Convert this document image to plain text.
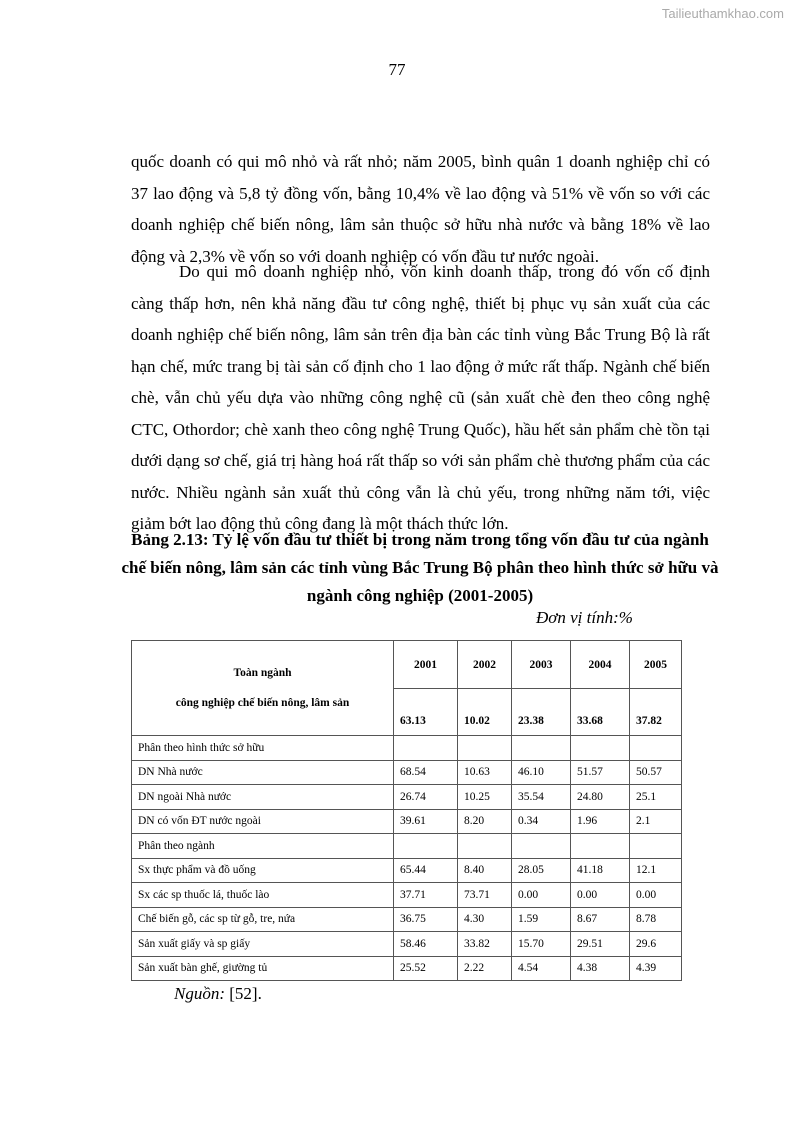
Tailieuthamkhao.com
77
quốc doanh có qui mô nhỏ và rất nhỏ; năm 2005, bình quân 1 doanh nghiệp chỉ có 37 lao động và 5,8 tỷ đồng vốn, bằng 10,4% về lao động và 51% về vốn so với các doanh nghiệp chế biến nông, lâm sản thuộc sở hữu nhà nước và bằng 18% về lao động và 2,3% về vốn so với doanh nghiệp có vốn đầu tư nước ngoài.
Do qui mô doanh nghiệp nhỏ, vốn kinh doanh thấp, trong đó vốn cố định càng thấp hơn, nên khả năng đầu tư công nghệ, thiết bị phục vụ sản xuất của các doanh nghiệp chế biến nông, lâm sản trên địa bàn các tỉnh vùng Bắc Trung Bộ là rất hạn chế, mức trang bị tài sản cố định cho 1 lao động ở mức rất thấp. Ngành chế biến chè, vẫn chủ yếu dựa vào những công nghệ cũ (sản xuất chè đen theo công nghệ CTC, Othordor; chè xanh theo công nghệ Trung Quốc), hầu hết sản phẩm chè tồn tại dưới dạng sơ chế, giá trị hàng hoá rất thấp so với sản phẩm chè thương phẩm của các nước. Nhiều ngành sản xuất thủ công vẫn là chủ yếu, trong những năm tới, việc giảm bớt lao động thủ công đang là một thách thức lớn.
Bảng 2.13: Tỷ lệ vốn đầu tư thiết bị trong năm trong tổng vốn đầu tư của ngành chế biến nông, lâm sản các tỉnh vùng Bắc Trung Bộ phân theo hình thức sở hữu và ngành công nghiệp (2001-2005)
Đơn vị tính:%
Toàn ngành
công nghiệp chế biến nông, lâm sản	2001	2002	2003	2004	2005
	63.13	10.02	23.38	33.68	37.82
Phân theo hình thức sở hữu					
DN Nhà nước	68.54	10.63	46.10	51.57	50.57
DN ngoài Nhà nước	26.74	10.25	35.54	24.80	25.1
DN có vốn ĐT nước ngoài	39.61	8.20	0.34	1.96	2.1
Phân theo ngành					
Sx thực phẩm và đồ uống	65.44	8.40	28.05	41.18	12.1
Sx các sp thuốc lá, thuốc lào	37.71	73.71	0.00	0.00	0.00
Chế biến gỗ, các sp từ gỗ, tre, nứa	36.75	4.30	1.59	8.67	8.78
Sản xuất giấy và sp giấy	58.46	33.82	15.70	29.51	29.6
Sản xuất bàn ghế, giường tủ	25.52	2.22	4.54	4.38	4.39
Nguồn: [52].
